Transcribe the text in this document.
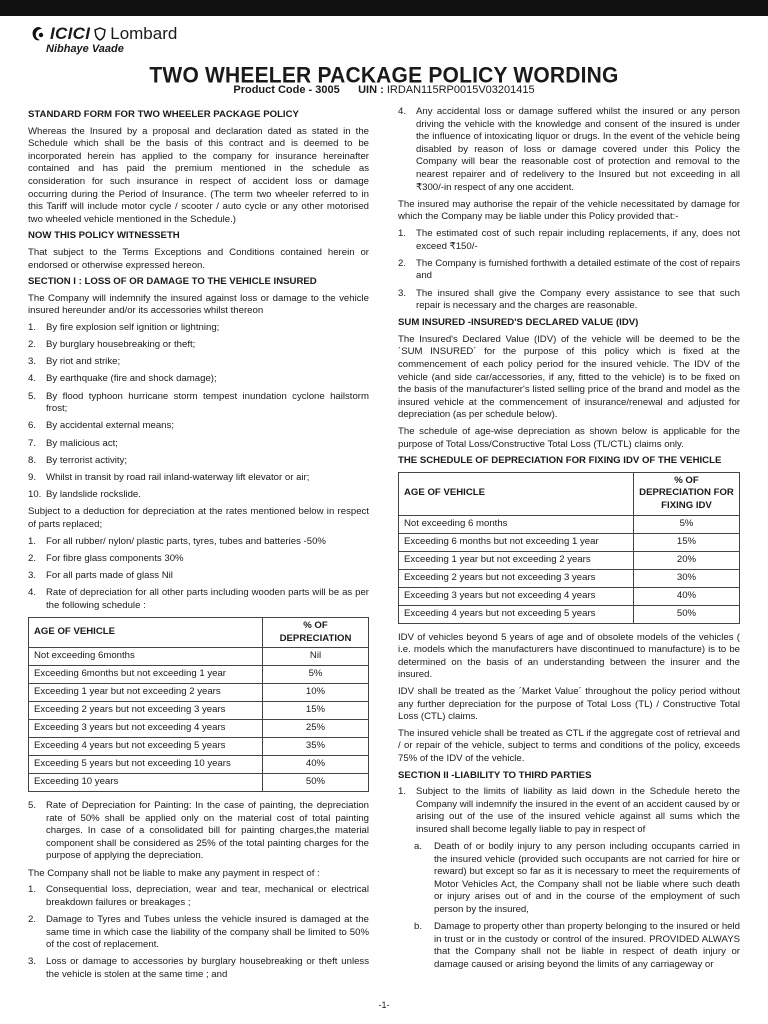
ICICI Lombard
Nibhaye Vaade
TWO WHEELER PACKAGE POLICY WORDING
Product Code - 3005 UIN : IRDAN115RP0015V03201415
STANDARD FORM FOR TWO WHEELER PACKAGE POLICY

Whereas the Insured by a proposal and declaration dated as stated in the Schedule which shall be the basis of this contract and is deemed to be incorporated herein has applied to the company for insurance hereinafter contained and has paid the premium mentioned in the schedule as consideration for such insurance in respect of accident loss or damage occurring during the Period of Insurance. (The term two wheeler referred to in this Tariff will include motor cycle / scooter / auto cycle or any other motorised two wheeled vehicle mentioned in the Schedule.)

NOW THIS POLICY WITNESSETH

That subject to the Terms Exceptions and Conditions contained herein or endorsed or otherwise expressed hereon.

SECTION I : LOSS OF OR DAMAGE TO THE VEHICLE INSURED

The Company will indemnify the insured against loss or damage to the vehicle insured hereunder and/or its accessories whilst thereon

1.	By fire explosion self ignition or lightning;
2.	By burglary housebreaking or theft;
3.	By riot and strike;
4.	By earthquake (fire and shock damage);
5.	By flood typhoon hurricane storm tempest inundation cyclone hailstorm frost;
6.	By accidental external means;
7.	By malicious act;
8.	By terrorist activity;
9.	Whilst in transit by road rail inland-waterway lift elevator or air;
10. By landslide rockslide.

Subject to a deduction for depreciation at the rates mentioned below in respect of parts replaced;

1.	For all rubber/ nylon/ plastic parts, tyres, tubes and batteries -50%
2.	For fibre glass components 30%
3.	For all parts made of glass Nil
4.	Rate of depreciation for all other parts including wooden parts will be as per the following schedule :
AGE OF VEHICLE	% OF DEPRECIATION
Not exceeding 6months	Nil
Exceeding 6months but not exceeding 1 year	5%
Exceeding 1 year but not exceeding 2 years	10%
Exceeding 2 years but not exceeding 3 years	15%
Exceeding 3 years but not exceeding 4 years	25%
Exceeding 4 years but not exceeding 5 years	35%
Exceeding 5 years but not exceeding 10 years	40%
Exceeding 10 years	50%
5.	Rate of Depreciation for Painting: In the case of painting, the depreciation rate of 50% shall be applied only on the material cost of total painting charges. In case of a consolidated bill for painting charges,the material component shall be considered as 25% of the total painting charges for the purpose of applying the depreciation.

The Company shall not be liable to make any payment in respect of :

1.	Consequential loss, depreciation, wear and tear, mechanical or electrical breakdown failures or breakages ;
2.	Damage to Tyres and Tubes unless the vehicle insured is damaged at the same time in which case the liability of the company shall be limited to 50% of the cost of replacement.
3.	Loss or damage to accessories by burglary housebreaking or theft unless the vehicle is stolen at the same time ; and
4.	Any accidental loss or damage suffered whilst the insured or any person driving the vehicle with the knowledge and consent of the insured is under the influence of intoxicating liquor or drugs. In the event of the vehicle being disabled by reason of loss or damage covered under this Policy the Company will bear the reasonable cost of protection and removal to the nearest repairer and of redelivery to the Insured but not exceeding in all ₹300/-in respect of any one accident.

The insured may authorise the repair of the vehicle necessitated by damage for which the Company may be liable under this Policy provided that:-

1.	The estimated cost of such repair including replacements, if any, does not exceed ₹150/-
2.	The Company is furnished forthwith a detailed estimate of the cost of repairs and
3.	The insured shall give the Company every assistance to see that such repair is necessary and the charges are reasonable.
SUM INSURED -INSURED'S DECLARED VALUE (IDV)

The Insured's Declared Value (IDV) of the vehicle will be deemed to be the ´SUM INSURED´ for the purpose of this policy which is fixed at the commencement of each policy period for the insured vehicle. The IDV of the vehicle (and side car/accessories, if any, fitted to the vehicle) is to be fixed on the basis of the manufacturer's listed selling price of the brand and model as the insured vehicle at the commencement of insurance/renewal and adjusted for depreciation (as per schedule below).

The schedule of age-wise depreciation as shown below is applicable for the purpose of Total Loss/Constructive Total Loss (TL/CTL) claims only.

THE SCHEDULE OF DEPRECIATION FOR FIXING IDV OF THE VEHICLE
AGE OF VEHICLE	% OF DEPRECIATION FOR FIXING IDV
Not exceeding 6 months	5%
Exceeding 6 months but not exceeding 1 year	15%
Exceeding 1 year but not exceeding 2 years	20%
Exceeding 2 years but not exceeding 3 years	30%
Exceeding 3 years but not exceeding 4 years	40%
Exceeding 4 years but not exceeding 5 years	50%

IDV of vehicles beyond 5 years of age and of obsolete models of the vehicles ( i.e. models which the manufacturers have discontinued to manufacture) is to be determined on the basis of an understanding between the insurer and the insured.

IDV shall be treated as the ´Market Value´ throughout the policy period without any further depreciation for the purpose of Total Loss (TL) / Constructive Total Loss (CTL) claims.

The insured vehicle shall be treated as CTL if the aggregate cost of retrieval and / or repair of the vehicle, subject to terms and conditions of the policy, exceeds 75% of the IDV of the vehicle.

SECTION II -LIABILITY TO THIRD PARTIES
1.	Subject to the limits of liability as laid down in the Schedule hereto the Company will indemnify the insured in the event of an accident caused by or arising out of the use of the insured vehicle against all sums which the insured shall become legally liable to pay in respect of
a.	Death of or bodily injury to any person including occupants carried in the insured vehicle (provided such occupants are not carried for hire or reward) but except so far as it is necessary to meet the requirements of Motor Vehicles Act, the Company shall not be liable where such death or injury arises out of and in the course of the employment of such person by the insured,
b.	Damage to property other than property belonging to the insured or held in trust or in the custody or control of the insured. PROVIDED ALWAYS that the Company shall not be liable in respect of death injury or damage caused or arising beyond the limits of any carriageway or
-1-
